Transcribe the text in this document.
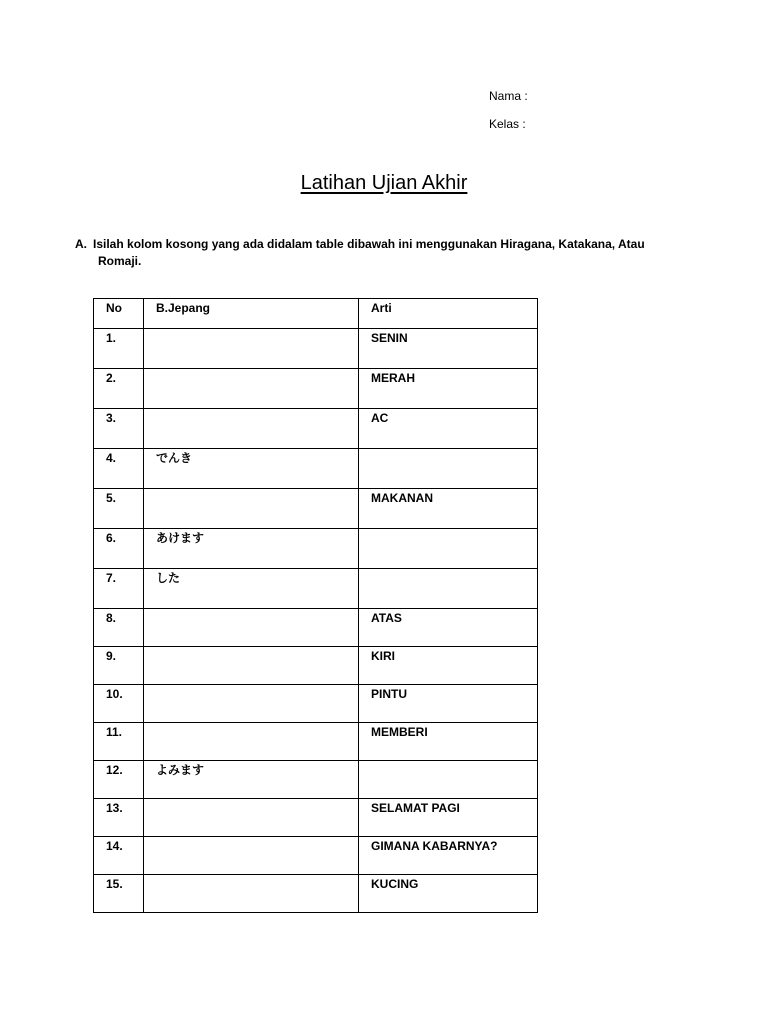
Nama :
Kelas :
Latihan Ujian Akhir
A. Isilah kolom kosong yang ada didalam table dibawah ini menggunakan Hiragana, Katakana, Atau
Romaji.
No	B.Jepang	Arti
1.		SENIN
2.		MERAH
3.		AC
4.	でんき	
5.		MAKANAN
6.	あけます	
7.	した	
8.		ATAS
9.		KIRI
10.		PINTU
11.		MEMBERI
12.	よみます	
13.		SELAMAT PAGI
14.		GIMANA KABARNYA?
15.		KUCING
